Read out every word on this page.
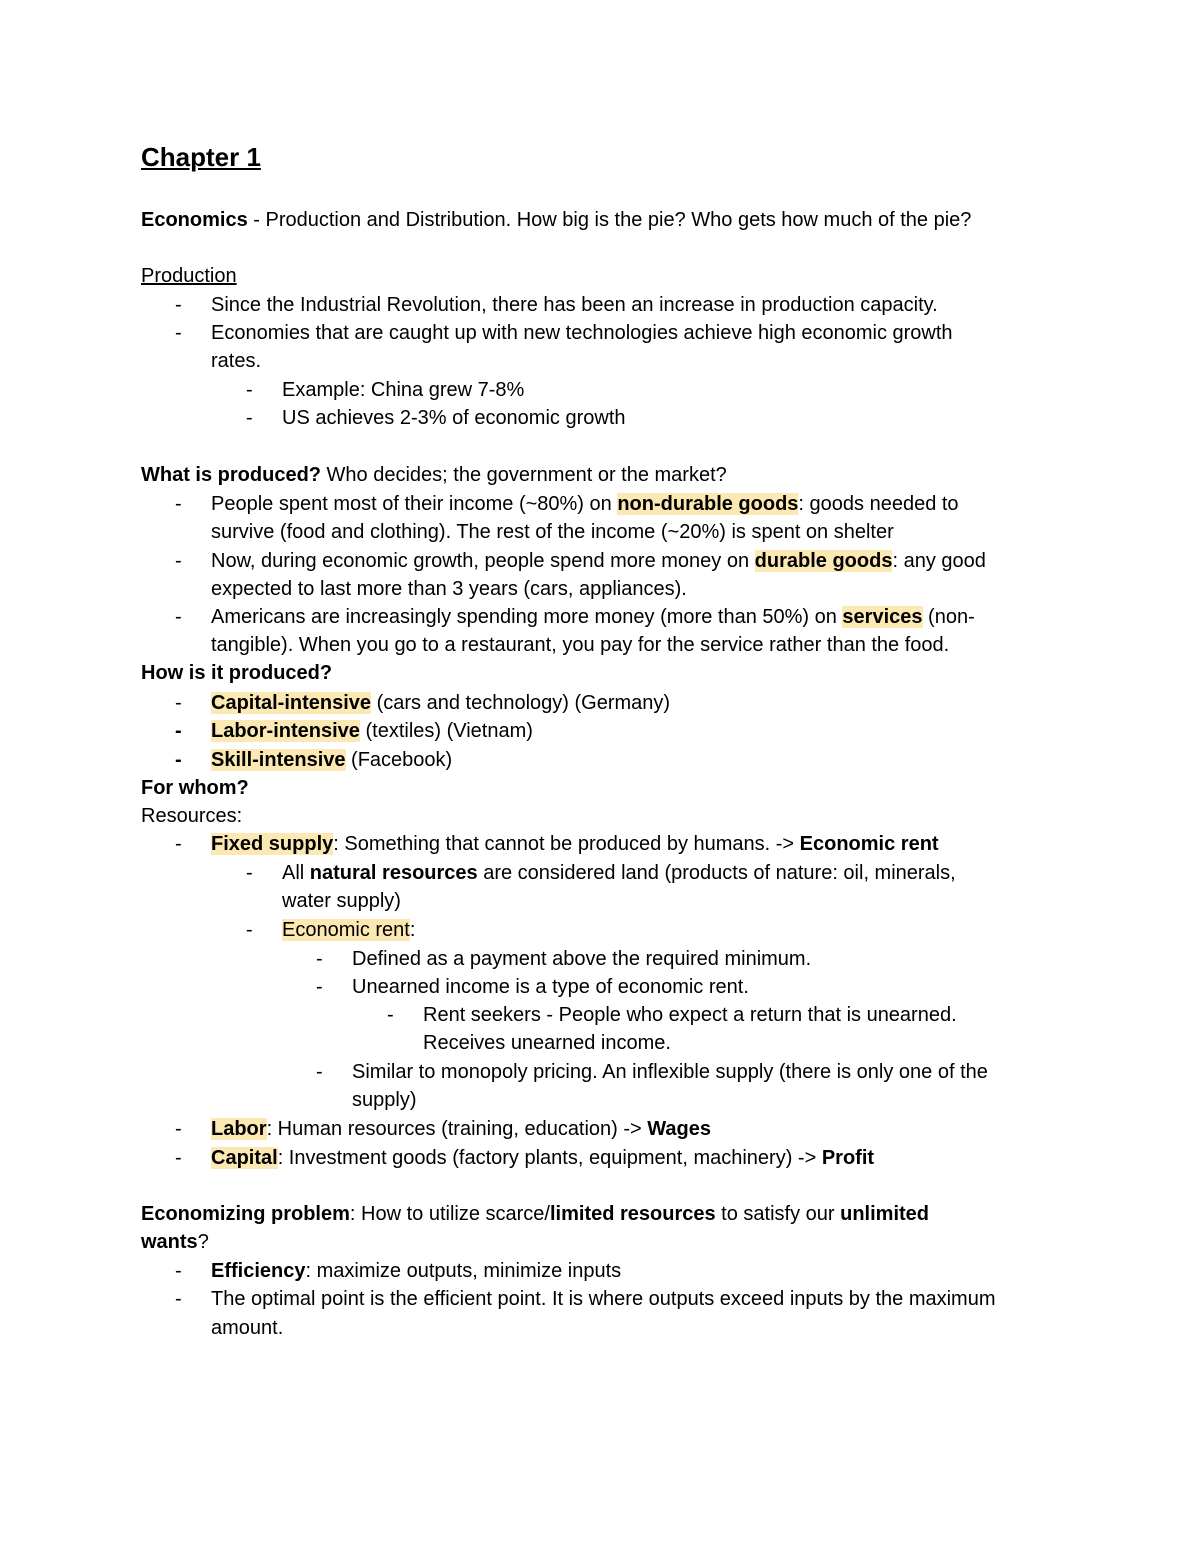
Chapter 1
Economics - Production and Distribution. How big is the pie? Who gets how much of the pie?
Production
- Since the Industrial Revolution, there has been an increase in production capacity.
- Economies that are caught up with new technologies achieve high economic growth
rates.
- Example: China grew 7-8%
- US achieves 2-3% of economic growth
What is produced? Who decides; the government or the market?
- People spent most of their income (~80%) on non-durable goods: goods needed to
survive (food and clothing). The rest of the income (~20%) is spent on shelter
- Now, during economic growth, people spend more money on durable goods: any good
expected to last more than 3 years (cars, appliances).
- Americans are increasingly spending more money (more than 50%) on services (non-
tangible). When you go to a restaurant, you pay for the service rather than the food.
How is it produced?
- Capital-intensive (cars and technology) (Germany)
- Labor-intensive (textiles) (Vietnam)
- Skill-intensive (Facebook)
For whom?
Resources:
- Fixed supply: Something that cannot be produced by humans. -> Economic rent
- All natural resources are considered land (products of nature: oil, minerals,
water supply)
- Economic rent:
- Defined as a payment above the required minimum.
- Unearned income is a type of economic rent.
- Rent seekers - People who expect a return that is unearned.
Receives unearned income.
- Similar to monopoly pricing. An inflexible supply (there is only one of the
supply)
- Labor: Human resources (training, education) -> Wages
- Capital: Investment goods (factory plants, equipment, machinery) -> Profit
Economizing problem: How to utilize scarce/limited resources to satisfy our unlimited
wants?
- Efficiency: maximize outputs, minimize inputs
- The optimal point is the efficient point. It is where outputs exceed inputs by the maximum
amount.
